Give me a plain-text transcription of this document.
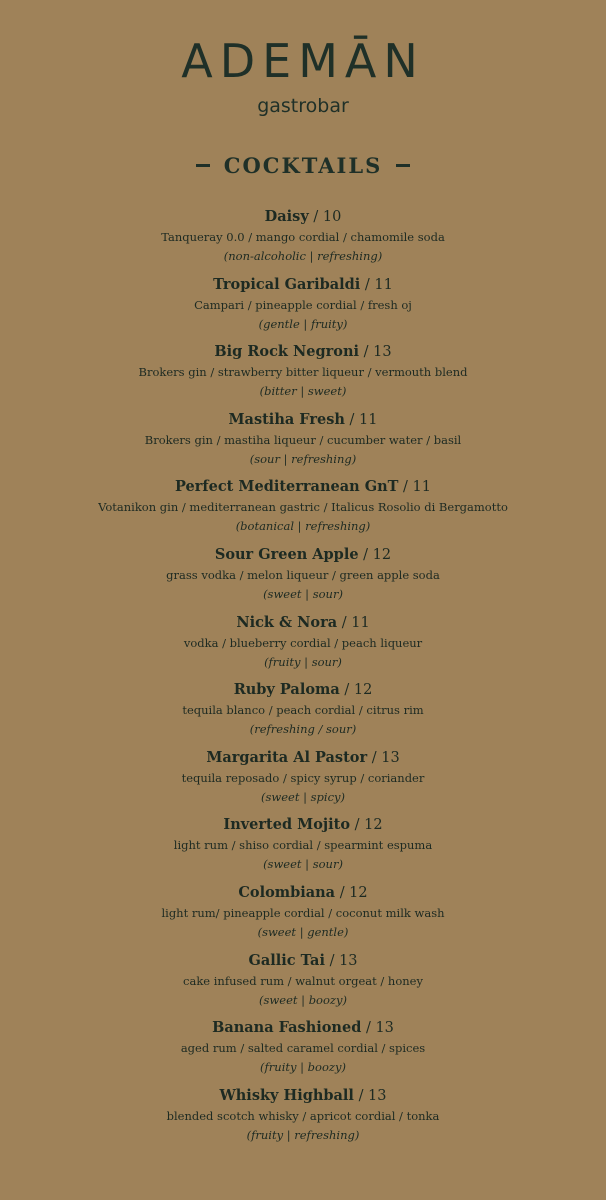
ADEMĀN
gastrobar
COCKTAILS
Daisy / 10
Tanqueray 0.0 / mango cordial / chamomile soda
(non-alcoholic | refreshing)
Tropical Garibaldi / 11
Campari / pineapple cordial / fresh oj
(gentle | fruity)
Big Rock Negroni / 13
Brokers gin / strawberry bitter liqueur / vermouth blend
(bitter | sweet)
Mastiha Fresh / 11
Brokers gin / mastiha liqueur / cucumber water / basil
(sour | refreshing)
Perfect Mediterranean GnT / 11
Votanikon gin / mediterranean gastric / Italicus Rosolio di Bergamotto
(botanical | refreshing)
Sour Green Apple / 12
grass vodka / melon liqueur / green apple soda
(sweet | sour)
Nick & Nora / 11
vodka / blueberry cordial / peach liqueur
(fruity | sour)
Ruby Paloma / 12
tequila blanco / peach cordial / citrus rim
(refreshing / sour)
Margarita Al Pastor / 13
tequila reposado / spicy syrup / coriander
(sweet | spicy)
Inverted Mojito / 12
light rum / shiso cordial / spearmint espuma
(sweet | sour)
Colombiana / 12
light rum/ pineapple cordial / coconut milk wash
(sweet | gentle)
Gallic Tai / 13
cake infused rum / walnut orgeat / honey
(sweet | boozy)
Banana Fashioned / 13
aged rum / salted caramel cordial / spices
(fruity | boozy)
Whisky Highball / 13
blended scotch whisky / apricot cordial / tonka
(fruity | refreshing)
